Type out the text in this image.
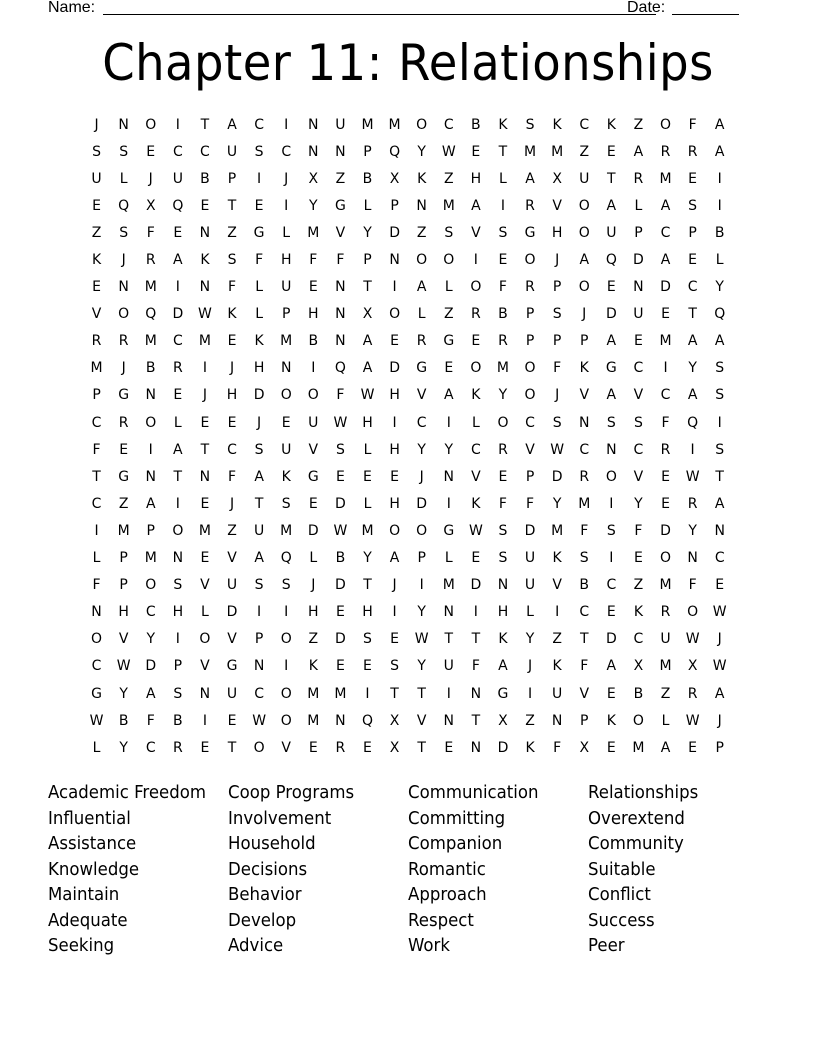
Name:	Date:
Chapter 11: Relationships
J	N	O	I	T	A	C	I	N	U	M	M	O	C	B	K	S	K	C	K	Z	O	F	A
S	S	E	C	C	U	S	C	N	N	P	Q	Y	W	E	T	M	M	Z	E	A	R	R	A
U	L	J	U	B	P	I	J	X	Z	B	X	K	Z	H	L	A	X	U	T	R	M	E	I
E	Q	X	Q	E	T	E	I	Y	G	L	P	N	M	A	I	R	V	O	A	L	A	S	I
Z	S	F	E	N	Z	G	L	M	V	Y	D	Z	S	V	S	G	H	O	U	P	C	P	B
K	J	R	A	K	S	F	H	F	F	P	N	O	O	I	E	O	J	A	Q	D	A	E	L
E	N	M	I	N	F	L	U	E	N	T	I	A	L	O	F	R	P	O	E	N	D	C	Y
V	O	Q	D	W	K	L	P	H	N	X	O	L	Z	R	B	P	S	J	D	U	E	T	Q
R	R	M	C	M	E	K	M	B	N	A	E	R	G	E	R	P	P	P	A	E	M	A	A
M	J	B	R	I	J	H	N	I	Q	A	D	G	E	O	M	O	F	K	G	C	I	Y	S
P	G	N	E	J	H	D	O	O	F	W	H	V	A	K	Y	O	J	V	A	V	C	A	S
C	R	O	L	E	E	J	E	U	W	H	I	C	I	L	O	C	S	N	S	S	F	Q	I
F	E	I	A	T	C	S	U	V	S	L	H	Y	Y	C	R	V	W	C	N	C	R	I	S
T	G	N	T	N	F	A	K	G	E	E	E	J	N	V	E	P	D	R	O	V	E	W	T
C	Z	A	I	E	J	T	S	E	D	L	H	D	I	K	F	F	Y	M	I	Y	E	R	A
I	M	P	O	M	Z	U	M	D	W	M	O	O	G	W	S	D	M	F	S	F	D	Y	N
L	P	M	N	E	V	A	Q	L	B	Y	A	P	L	E	S	U	K	S	I	E	O	N	C
F	P	O	S	V	U	S	S	J	D	T	J	I	M	D	N	U	V	B	C	Z	M	F	E
N	H	C	H	L	D	I	I	H	E	H	I	Y	N	I	H	L	I	C	E	K	R	O	W
O	V	Y	I	O	V	P	O	Z	D	S	E	W	T	T	K	Y	Z	T	D	C	U	W	J
C	W	D	P	V	G	N	I	K	E	E	S	Y	U	F	A	J	K	F	A	X	M	X	W
G	Y	A	S	N	U	C	O	M	M	I	T	T	I	N	G	I	U	V	E	B	Z	R	A
W	B	F	B	I	E	W	O	M	N	Q	X	V	N	T	X	Z	N	P	K	O	L	W	J
L	Y	C	R	E	T	O	V	E	R	E	X	T	E	N	D	K	F	X	E	M	A	E	P
Academic Freedom	Coop Programs	Communication	Relationships
Influential	Involvement	Committing	Overextend
Assistance	Household	Companion	Community
Knowledge	Decisions	Romantic	Suitable
Maintain	Behavior	Approach	Conflict
Adequate	Develop	Respect	Success
Seeking	Advice	Work	Peer
